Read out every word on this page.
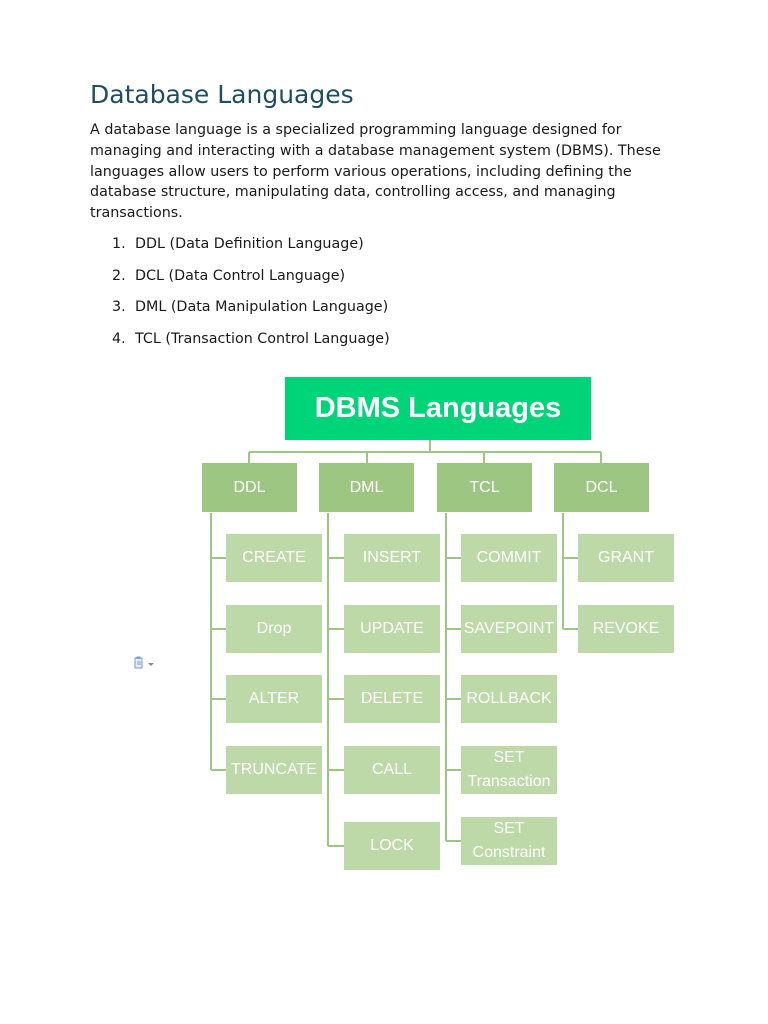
Database Languages

A database language is a specialized programming language designed for managing and interacting with a database management system (DBMS). These languages allow users to perform various operations, including defining the database structure, manipulating data, controlling access, and managing transactions.

1. DDL (Data Definition Language)
2. DCL (Data Control Language)
3. DML (Data Manipulation Language)
4. TCL (Transaction Control Language)
DBMS Languages
DDL	DML	TCL	DCL
CREATE
Drop
ALTER
TRUNCATE
INSERT
UPDATE
DELETE
CALL
LOCK
COMMIT
SAVEPOINT
ROLLBACK
SET Transaction
SET Constraint
GRANT
REVOKE
